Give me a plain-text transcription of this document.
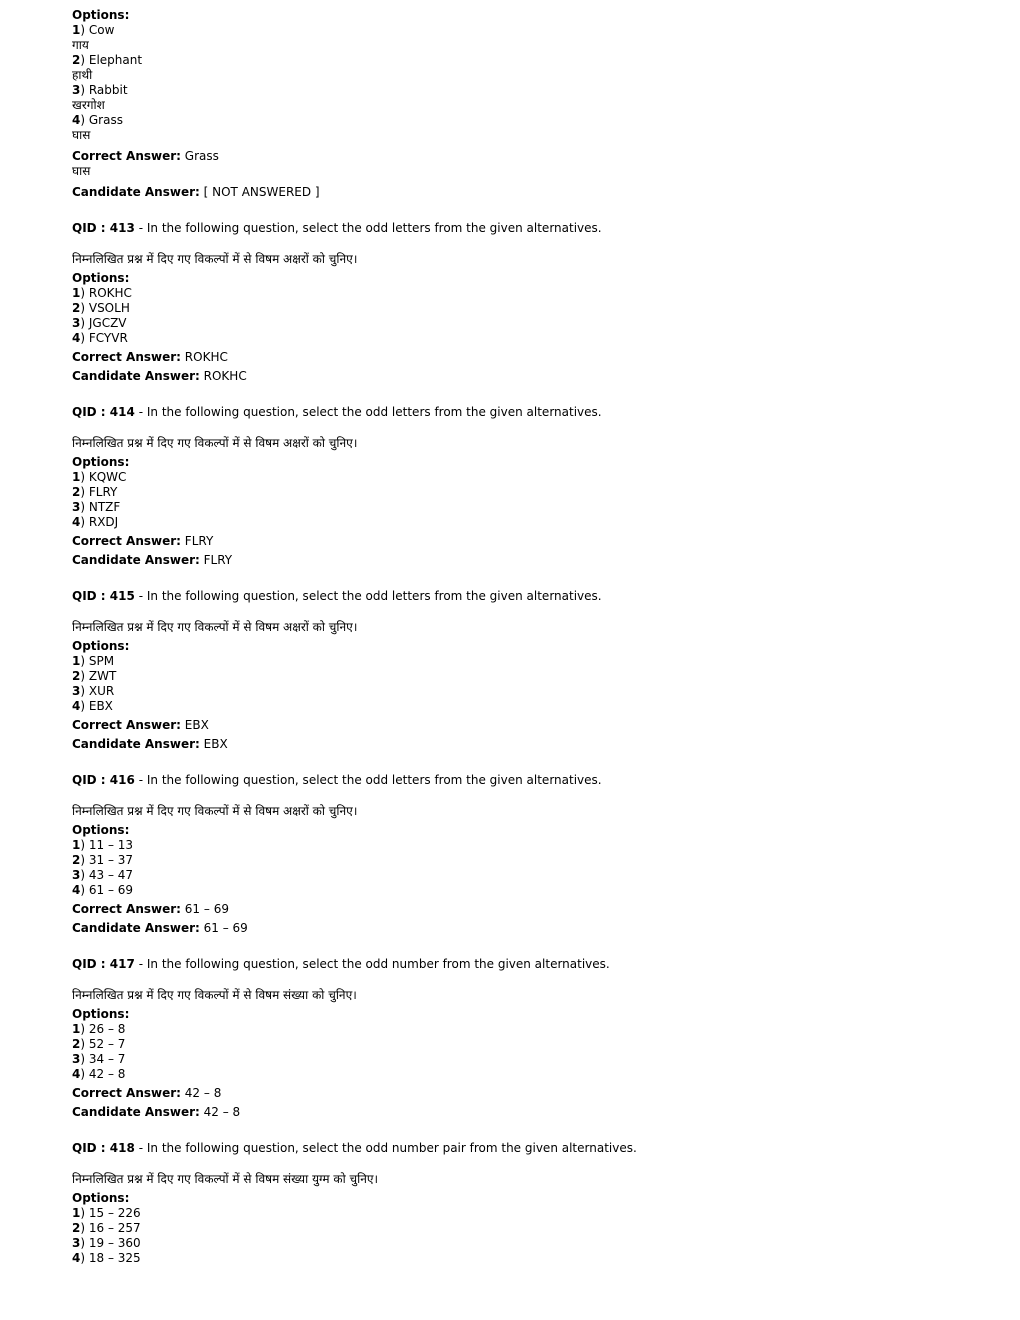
Options:
1) Cow
गाय
2) Elephant
हाथी
3) Rabbit
खरगोश
4) Grass
घास
Correct Answer: Grass
घास
Candidate Answer: [ NOT ANSWERED ]
QID : 413 - In the following question, select the odd letters from the given alternatives.
निम्नलिखित प्रश्न में दिए गए विकल्पों में से विषम अक्षरों को चुनिए।
Options:
1) ROKHC
2) VSOLH
3) JGCZV
4) FCYVR
Correct Answer: ROKHC
Candidate Answer: ROKHC
QID : 414 - In the following question, select the odd letters from the given alternatives.
निम्नलिखित प्रश्न में दिए गए विकल्पों में से विषम अक्षरों को चुनिए।
Options:
1) KQWC
2) FLRY
3) NTZF
4) RXDJ
Correct Answer: FLRY
Candidate Answer: FLRY
QID : 415 - In the following question, select the odd letters from the given alternatives.
निम्नलिखित प्रश्न में दिए गए विकल्पों में से विषम अक्षरों को चुनिए।
Options:
1) SPM
2) ZWT
3) XUR
4) EBX
Correct Answer: EBX
Candidate Answer: EBX
QID : 416 - In the following question, select the odd letters from the given alternatives.
निम्नलिखित प्रश्न में दिए गए विकल्पों में से विषम अक्षरों को चुनिए।
Options:
1) 11 – 13
2) 31 – 37
3) 43 – 47
4) 61 – 69
Correct Answer: 61 – 69
Candidate Answer: 61 – 69
QID : 417 - In the following question, select the odd number from the given alternatives.
निम्नलिखित प्रश्न में दिए गए विकल्पों में से विषम संख्या को चुनिए।
Options:
1) 26 – 8
2) 52 – 7
3) 34 – 7
4) 42 – 8
Correct Answer: 42 – 8
Candidate Answer: 42 – 8
QID : 418 - In the following question, select the odd number pair from the given alternatives.
निम्नलिखित प्रश्न में दिए गए विकल्पों में से विषम संख्या युग्म को चुनिए।
Options:
1) 15 – 226
2) 16 – 257
3) 19 – 360
4) 18 – 325
